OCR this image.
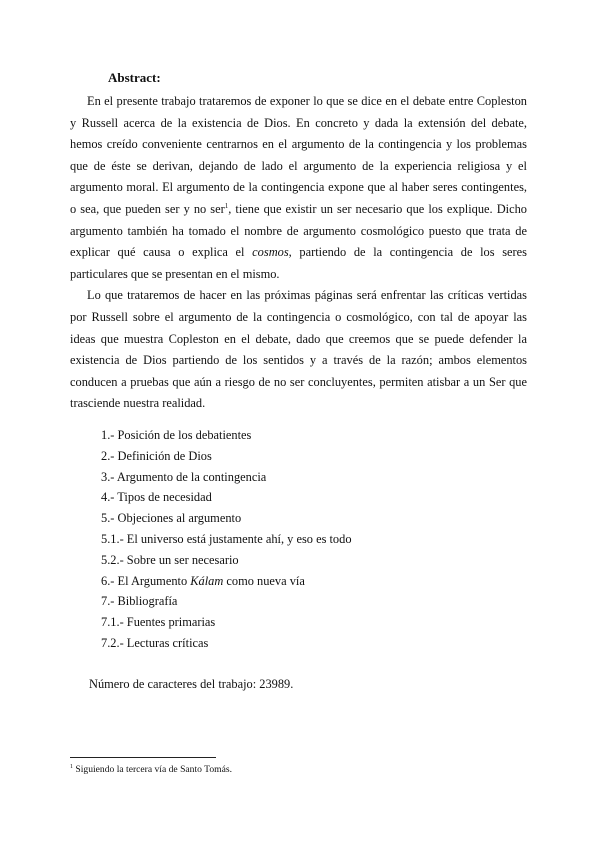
Abstract:

En el presente trabajo trataremos de exponer lo que se dice en el debate entre Copleston y Russell acerca de la existencia de Dios. En concreto y dada la extensión del debate, hemos creído conveniente centrarnos en el argumento de la contingencia y los problemas que de éste se derivan, dejando de lado el argumento de la experiencia religiosa y el argumento moral. El argumento de la contingencia expone que al haber seres contingentes, o sea, que pueden ser y no ser$^1$, tiene que existir un ser necesario que los explique. Dicho argumento también ha tomado el nombre de argumento cosmológico puesto que trata de explicar qué causa o explica el cosmos, partiendo de la contingencia de los seres particulares que se presentan en el mismo.

Lo que trataremos de hacer en las próximas páginas será enfrentar las críticas vertidas por Russell sobre el argumento de la contingencia o cosmológico, con tal de apoyar las ideas que muestra Copleston en el debate, dado que creemos que se puede defender la existencia de Dios partiendo de los sentidos y a través de la razón; ambos elementos conducen a pruebas que aún a riesgo de no ser concluyentes, permiten atisbar a un Ser que trasciende nuestra realidad.

1.- Posición de los debatientes
2.- Definición de Dios
3.- Argumento de la contingencia
4.- Tipos de necesidad
5.- Objeciones al argumento
5.1.- El universo está justamente ahí, y eso es todo
5.2.- Sobre un ser necesario
6.- El Argumento Kálam como nueva vía
7.- Bibliografía
7.1.- Fuentes primarias
7.2.- Lecturas críticas
Número de caracteres del trabajo: 23989.
$^1$ Siguiendo la tercera vía de Santo Tomás.
